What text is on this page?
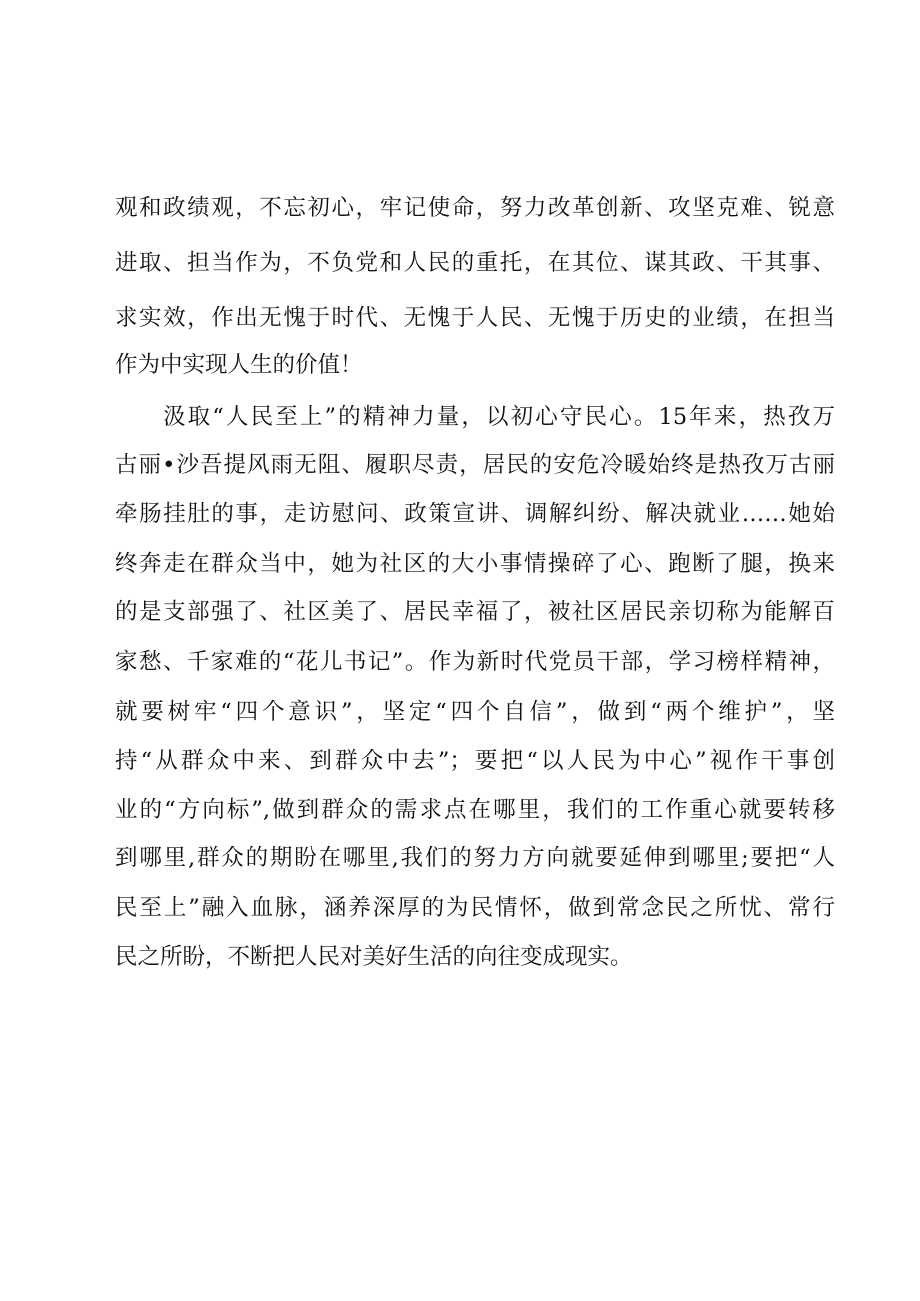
观和政绩观，不忘初心，牢记使命，努力改革创新、攻坚克难、锐意
进取、担当作为，不负党和人民的重托，在其位、谋其政、干其事、
求实效，作出无愧于时代、无愧于人民、无愧于历史的业绩，在担当
作为中实现人生的价值！
汲取“人民至上”的精神力量，以初心守民心。15年来，热孜万
古丽•沙吾提风雨无阻、履职尽责，居民的安危冷暖始终是热孜万古丽
牵肠挂肚的事，走访慰问、政策宣讲、调解纠纷、解决就业……她始
终奔走在群众当中，她为社区的大小事情操碎了心、跑断了腿，换来
的是支部强了、社区美了、居民幸福了，被社区居民亲切称为能解百
家愁、千家难的“花儿书记”。作为新时代党员干部，学习榜样精神，
就要树牢“四个意识”，坚定“四个自信”，做到“两个维护”，坚
持“从群众中来、到群众中去”；要把“以人民为中心”视作干事创
业的“方向标”,做到群众的需求点在哪里，我们的工作重心就要转移
到哪里,群众的期盼在哪里,我们的努力方向就要延伸到哪里;要把“人
民至上”融入血脉，涵养深厚的为民情怀，做到常念民之所忧、常行
民之所盼，不断把人民对美好生活的向往变成现实。
